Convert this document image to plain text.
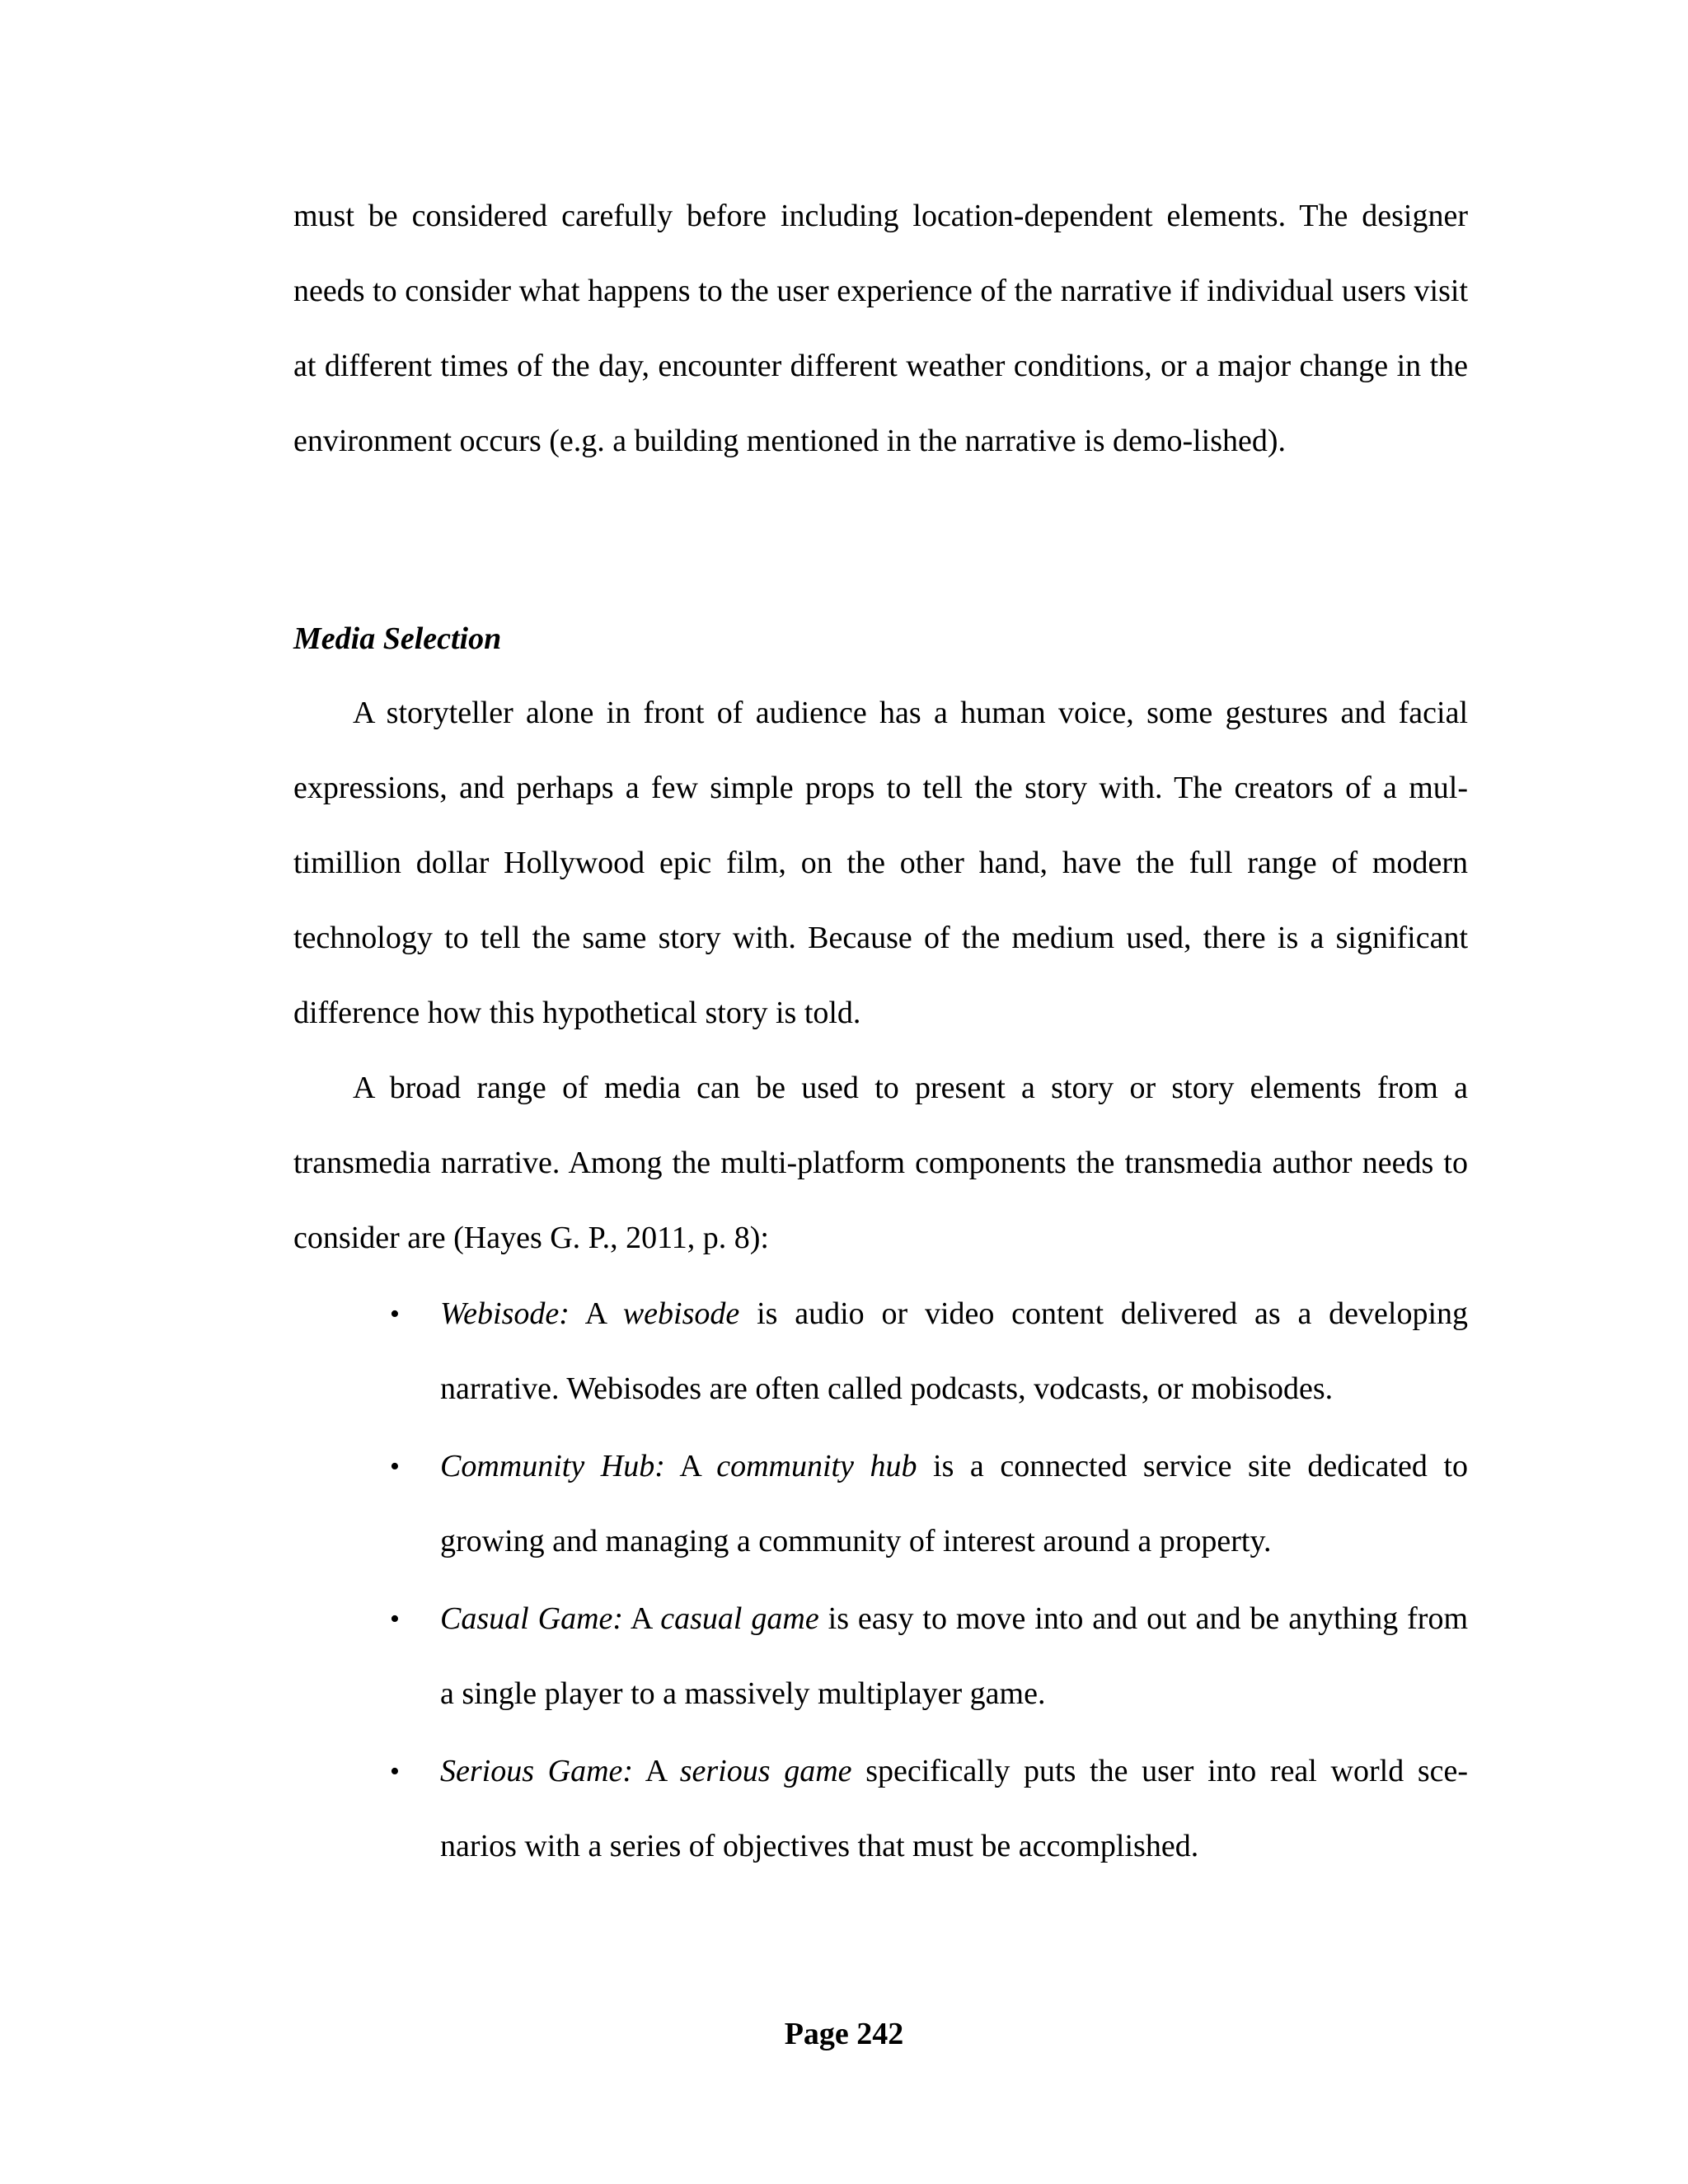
must be considered carefully before including location-dependent elements. The designer needs to consider what happens to the user experience of the narrative if individual users visit at different times of the day, encounter different weather conditions, or a major change in the environment occurs (e.g. a building mentioned in the narrative is demo-lished).

Media Selection

A storyteller alone in front of audience has a human voice, some gestures and facial expressions, and perhaps a few simple props to tell the story with. The creators of a mul-timillion dollar Hollywood epic film, on the other hand, have the full range of modern technology to tell the same story with. Because of the medium used, there is a significant difference how this hypothetical story is told.

A broad range of media can be used to present a story or story elements from a transmedia narrative. Among the multi-platform components the transmedia author needs to consider are (Hayes G. P., 2011, p. 8):

• Webisode: A webisode is audio or video content delivered as a developing narrative. Webisodes are often called podcasts, vodcasts, or mobisodes.
• Community Hub: A community hub is a connected service site dedicated to growing and managing a community of interest around a property.
• Casual Game: A casual game is easy to move into and out and be anything from a single player to a massively multiplayer game.
• Serious Game: A serious game specifically puts the user into real world sce-narios with a series of objectives that must be accomplished.

Page 242
